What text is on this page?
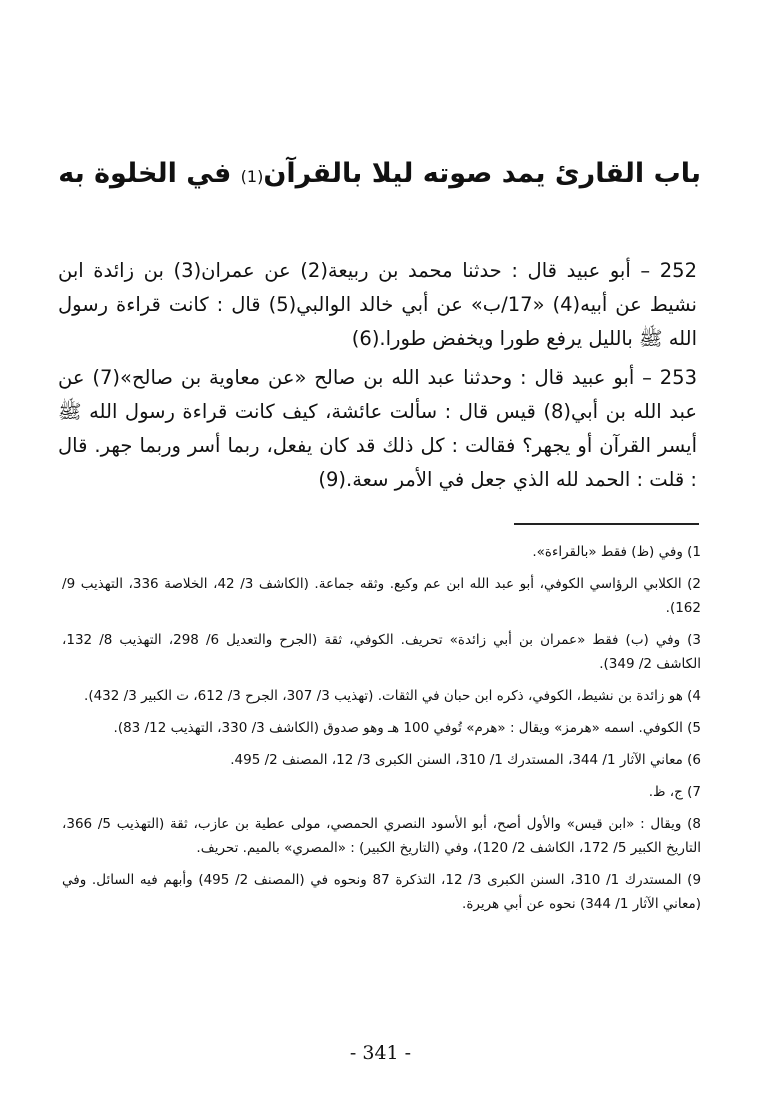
باب القارئ يمد صوته ليلا بالقرآن(1) في الخلوة به

252 – أبو عبيد قال : حدثنا محمد بن ربيعة(2) عن عمران(3) بن زائدة ابن نشيط عن أبيه(4) «17/ب» عن أبي خالد الوالبي(5) قال : كانت قراءة رسول الله ﷺ بالليل يرفع طورا ويخفض طورا.(6)

253 – أبو عبيد قال : وحدثنا عبد الله بن صالح «عن معاوية بن صالح»(7) عن عبد الله بن أبي(8) قيس قال : سألت عائشة، كيف كانت قراءة رسول الله ﷺ أيسر القرآن أو يجهر؟ فقالت : كل ذلك قد كان يفعل، ربما أسر وربما جهر. قال : قلت : الحمد لله الذي جعل في الأمر سعة.(9)

1) وفي (ظ) فقط «بالقراءة».

2) الكلابي الرؤاسي الكوفي، أبو عبد الله ابن عم وكيع. وثقه جماعة. (الكاشف 3/ 42، الخلاصة 336، التهذيب 9/ 162).

3) وفي (ب) فقط «عمران بن أبي زائدة» تحريف. الكوفي، ثقة (الجرح والتعديل 6/ 298، التهذيب 8/ 132، الكاشف 2/ 349).

4) هو زائدة بن نشيط، الكوفي، ذكره ابن حبان في الثقات. (تهذيب 3/ 307، الجرح 3/ 612، ت الكبير 3/ 432).

5) الكوفي. اسمه «هرمز» ويقال : «هرم» تُوفي 100 هـ وهو صدوق (الكاشف 3/ 330، التهذيب 12/ 83).

6) معاني الآثار 1/ 344، المستدرك 1/ 310، السنن الكبرى 3/ 12، المصنف 2/ 495.

7) ج، ظ.

8) ويقال : «ابن قيس» والأول أصح، أبو الأسود النصري الحمصي، مولى عطية بن عازب، ثقة (التهذيب 5/ 366، التاريخ الكبير 5/ 172، الكاشف 2/ 120)، وفي (التاريخ الكبير) : «المصري» بالميم. تحريف.

9) المستدرك 1/ 310، السنن الكبرى 3/ 12، التذكرة 87 ونحوه في (المصنف 2/ 495) وأبهم فيه السائل. وفي (معاني الآثار 1/ 344) نحوه عن أبي هريرة.

- 341 -
